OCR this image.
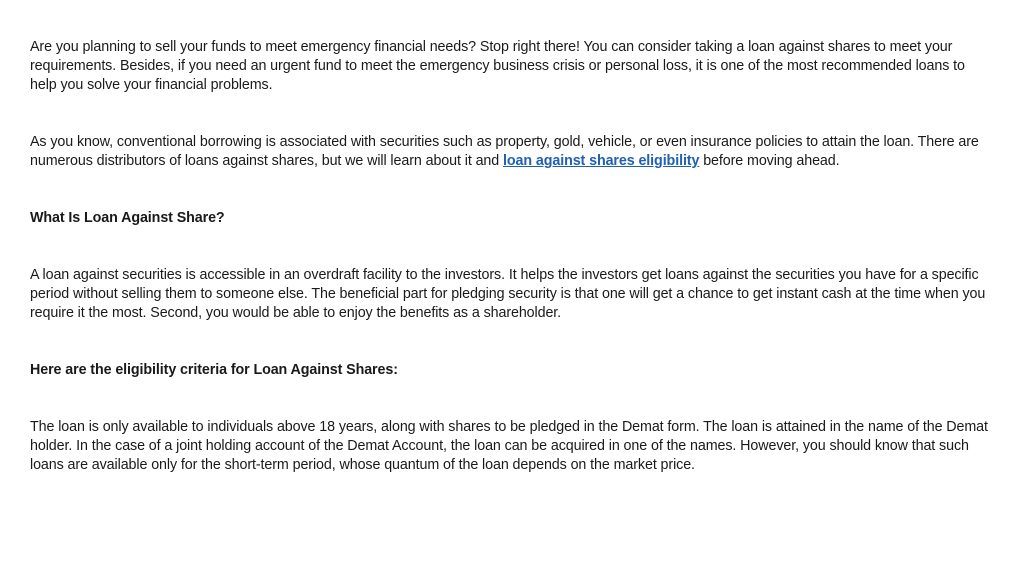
Are you planning to sell your funds to meet emergency financial needs? Stop right there! You can consider taking a loan against shares to meet your requirements. Besides, if you need an urgent fund to meet the emergency business crisis or personal loss, it is one of the most recommended loans to help you solve your financial problems.

As you know, conventional borrowing is associated with securities such as property, gold, vehicle, or even insurance policies to attain the loan. There are numerous distributors of loans against shares, but we will learn about it and loan against shares eligibility before moving ahead.

What Is Loan Against Share?

A loan against securities is accessible in an overdraft facility to the investors. It helps the investors get loans against the securities you have for a specific period without selling them to someone else. The beneficial part for pledging security is that one will get a chance to get instant cash at the time when you require it the most. Second, you would be able to enjoy the benefits as a shareholder.

Here are the eligibility criteria for Loan Against Shares:

The loan is only available to individuals above 18 years, along with shares to be pledged in the Demat form. The loan is attained in the name of the Demat holder. In the case of a joint holding account of the Demat Account, the loan can be acquired in one of the names. However, you should know that such loans are available only for the short-term period, whose quantum of the loan depends on the market price.
